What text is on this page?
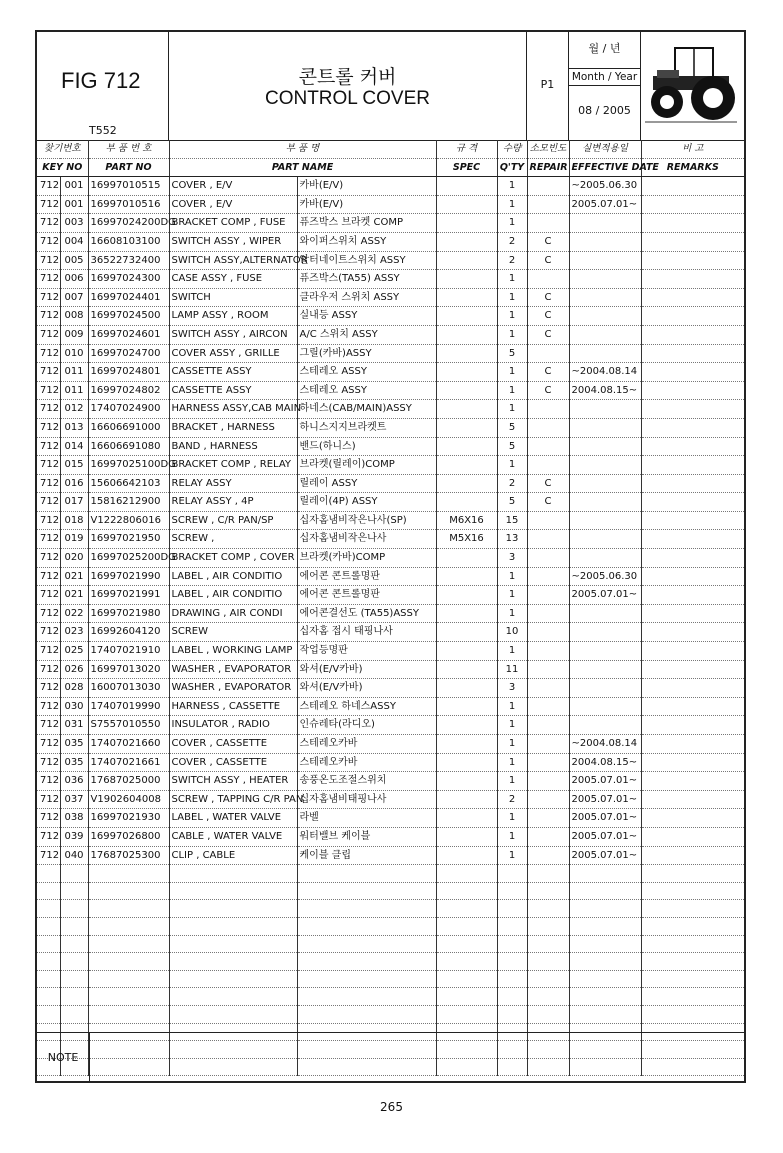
FIG 712
T552
콘트롤 커버
CONTROL COVER
P1
월 / 년
Month / Year
08 / 2005
찾기번호		부 품 번 호	부 품 명		규 격	수량	소모빈도	실변적용일	비 고
KEY NO		PART NO	PART NAME		SPEC	Q'TY	REPAIR	EFFECTIVE DATE	REMARKS
712	001	16997010515	COVER , E/V	카바(E/V)		1		~2005.06.30	
712	001	16997010516	COVER , E/V	카바(E/V)		1		2005.07.01~	
712	003	16997024200DG	BRACKET COMP , FUSE	퓨즈박스 브라켓 COMP		1			
712	004	16608103100	SWITCH ASSY , WIPER	와이퍼스위치 ASSY		2	C		
712	005	36522732400	SWITCH ASSY,ALTERNATOR	알터네이트스위치 ASSY		2	C		
712	006	16997024300	CASE ASSY , FUSE	퓨즈박스(TA55) ASSY		1			
712	007	16997024401	SWITCH	클라우저 스위치 ASSY		1	C		
712	008	16997024500	LAMP ASSY , ROOM	실내등 ASSY		1	C		
712	009	16997024601	SWITCH ASSY , AIRCON	A/C 스위치 ASSY		1	C		
712	010	16997024700	COVER ASSY , GRILLE	그릴(카바)ASSY		5			
712	011	16997024801	CASSETTE ASSY	스테레오 ASSY		1	C	~2004.08.14	
712	011	16997024802	CASSETTE ASSY	스테레오 ASSY		1	C	2004.08.15~	
712	012	17407024900	HARNESS ASSY,CAB MAIN	하네스(CAB/MAIN)ASSY		1			
712	013	16606691000	BRACKET , HARNESS	하니스지지브라켓트		5			
712	014	16606691080	BAND , HARNESS	밴드(하니스)		5			
712	015	16997025100DG	BRACKET COMP , RELAY	브라켓(릴레이)COMP		1			
712	016	15606642103	RELAY ASSY	릴레이 ASSY		2	C		
712	017	15816212900	RELAY ASSY , 4P	릴레이(4P) ASSY		5	C		
712	018	V1222806016	SCREW , C/R PAN/SP	십자홈냄비작은나사(SP)	M6X16	15			
712	019	16997021950	SCREW ,	십자홈냄비작은나사	M5X16	13			
712	020	16997025200DG	BRACKET COMP , COVER	브라켓(카바)COMP		3			
712	021	16997021990	LABEL , AIR CONDITIO	에어콘 콘트롤명판		1		~2005.06.30	
712	021	16997021991	LABEL , AIR CONDITIO	에어콘 콘트롤명판		1		2005.07.01~	
712	022	16997021980	DRAWING , AIR CONDI	에어콘결선도 (TA55)ASSY		1			
712	023	16992604120	SCREW	십자홈 접시 태핑나사		10			
712	025	17407021910	LABEL , WORKING LAMP	작업등명판		1			
712	026	16997013020	WASHER , EVAPORATOR	와셔(E/V카바)		11			
712	028	16007013030	WASHER , EVAPORATOR	와셔(E/V카바)		3			
712	030	17407019990	HARNESS , CASSETTE	스테레오 하네스ASSY		1			
712	031	S7557010550	INSULATOR , RADIO	인슈레타(라디오)		1			
712	035	17407021660	COVER , CASSETTE	스테레오카바		1		~2004.08.14	
712	035	17407021661	COVER , CASSETTE	스테레오카바		1		2004.08.15~	
712	036	17687025000	SWITCH ASSY , HEATER	송풍온도조절스위치		1		2005.07.01~	
712	037	V1902604008	SCREW , TAPPING C/R PAN	십자홈냄비태핑나사		2		2005.07.01~	
712	038	16997021930	LABEL , WATER VALVE	라벨		1		2005.07.01~	
712	039	16997026800	CABLE , WATER VALVE	워터밸브 케이블		1		2005.07.01~	
712	040	17687025300	CLIP , CABLE	케이블 클립		1		2005.07.01~	

NOTE
265
